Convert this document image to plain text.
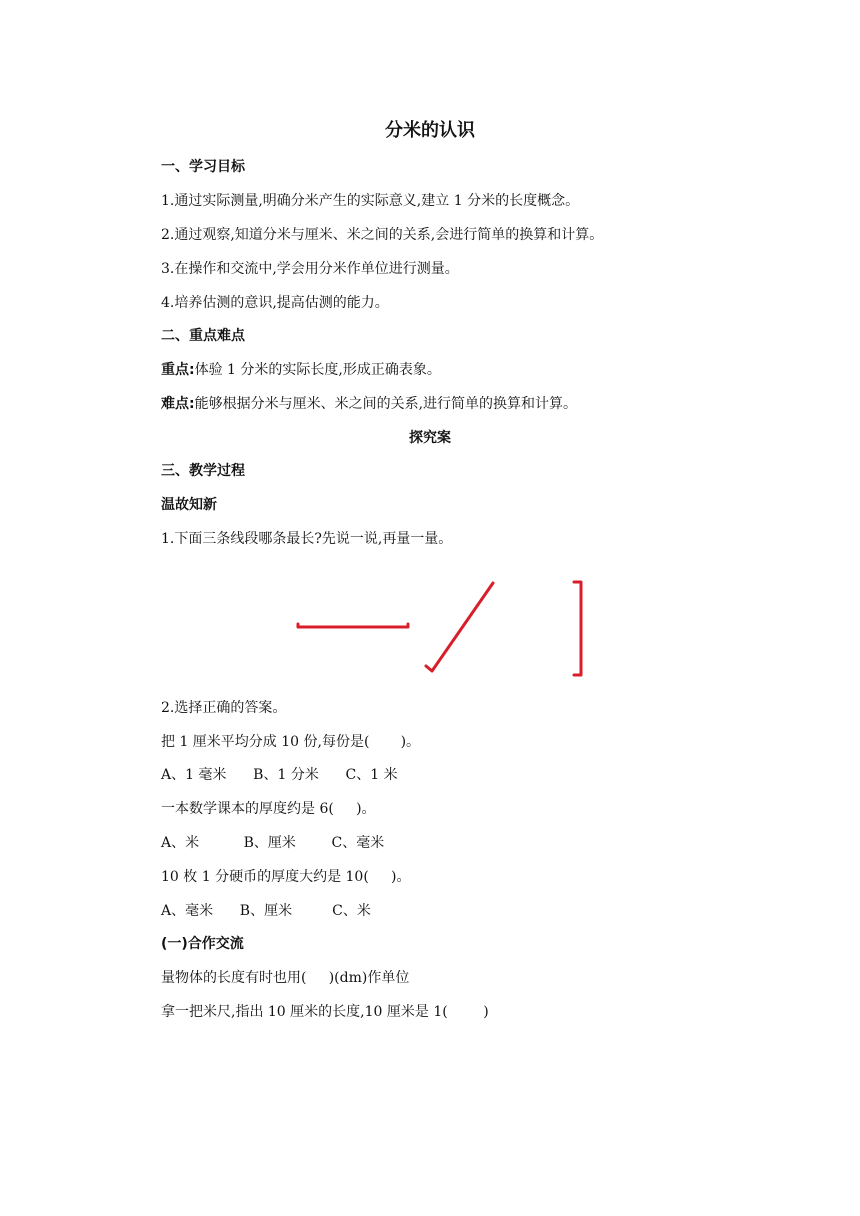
分米的认识
一、学习目标
1.通过实际测量,明确分米产生的实际意义,建立 1 分米的长度概念。
2.通过观察,知道分米与厘米、米之间的关系,会进行简单的换算和计算。
3.在操作和交流中,学会用分米作单位进行测量。
4.培养估测的意识,提高估测的能力。
二、重点难点
重点:体验 1 分米的实际长度,形成正确表象。
难点:能够根据分米与厘米、米之间的关系,进行简单的换算和计算。
探究案
三、教学过程
温故知新
1.下面三条线段哪条最长?先说一说,再量一量。
2.选择正确的答案。
把 1 厘米平均分成 10 份,每份是(       )。
A、1 毫米      B、1 分米      C、1 米
一本数学课本的厚度约是 6(     )。
A、米          B、厘米        C、毫米
10 枚 1 分硬币的厚度大约是 10(     )。
A、毫米      B、厘米         C、米
(一)合作交流
量物体的长度有时也用(     )(dm)作单位
拿一把米尺,指出 10 厘米的长度,10 厘米是 1(        )
